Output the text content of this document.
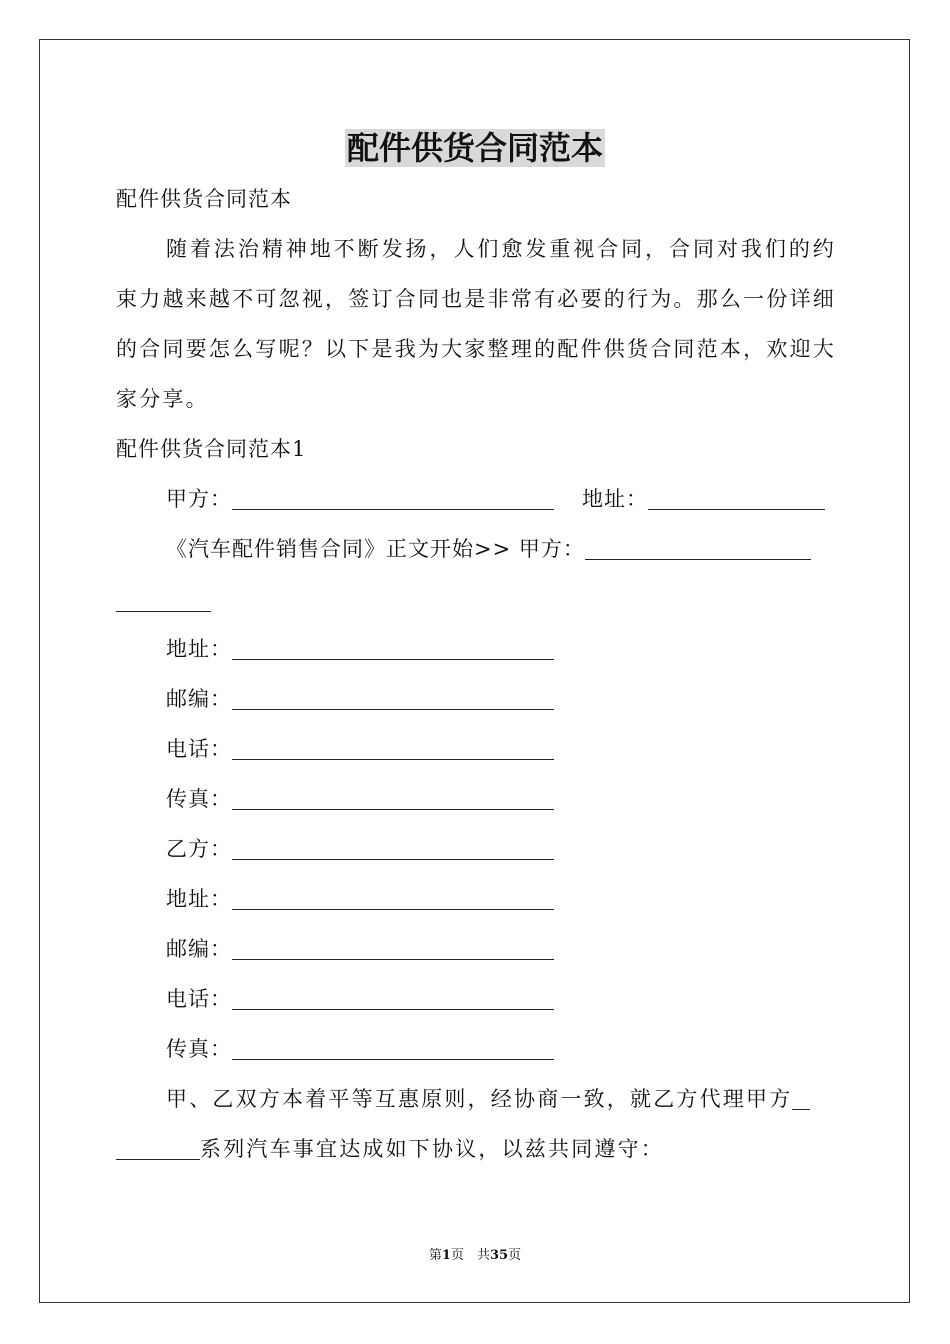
配件供货合同范本
配件供货合同范本
随着法治精神地不断发扬，人们愈发重视合同，合同对我们的约束力越来越不可忽视，签订合同也是非常有必要的行为。那么一份详细的合同要怎么写呢？以下是我为大家整理的配件供货合同范本，欢迎大家分享。
配件供货合同范本1
甲方：	地址：
《汽车配件销售合同》正文开始>> 甲方：
地址：
邮编：
电话：
传真：
乙方：
地址：
邮编：
电话：
传真：
甲、乙双方本着平等互惠原则，经协商一致，就乙方代理甲方
系列汽车事宜达成如下协议，以兹共同遵守：
第1页　共35页
